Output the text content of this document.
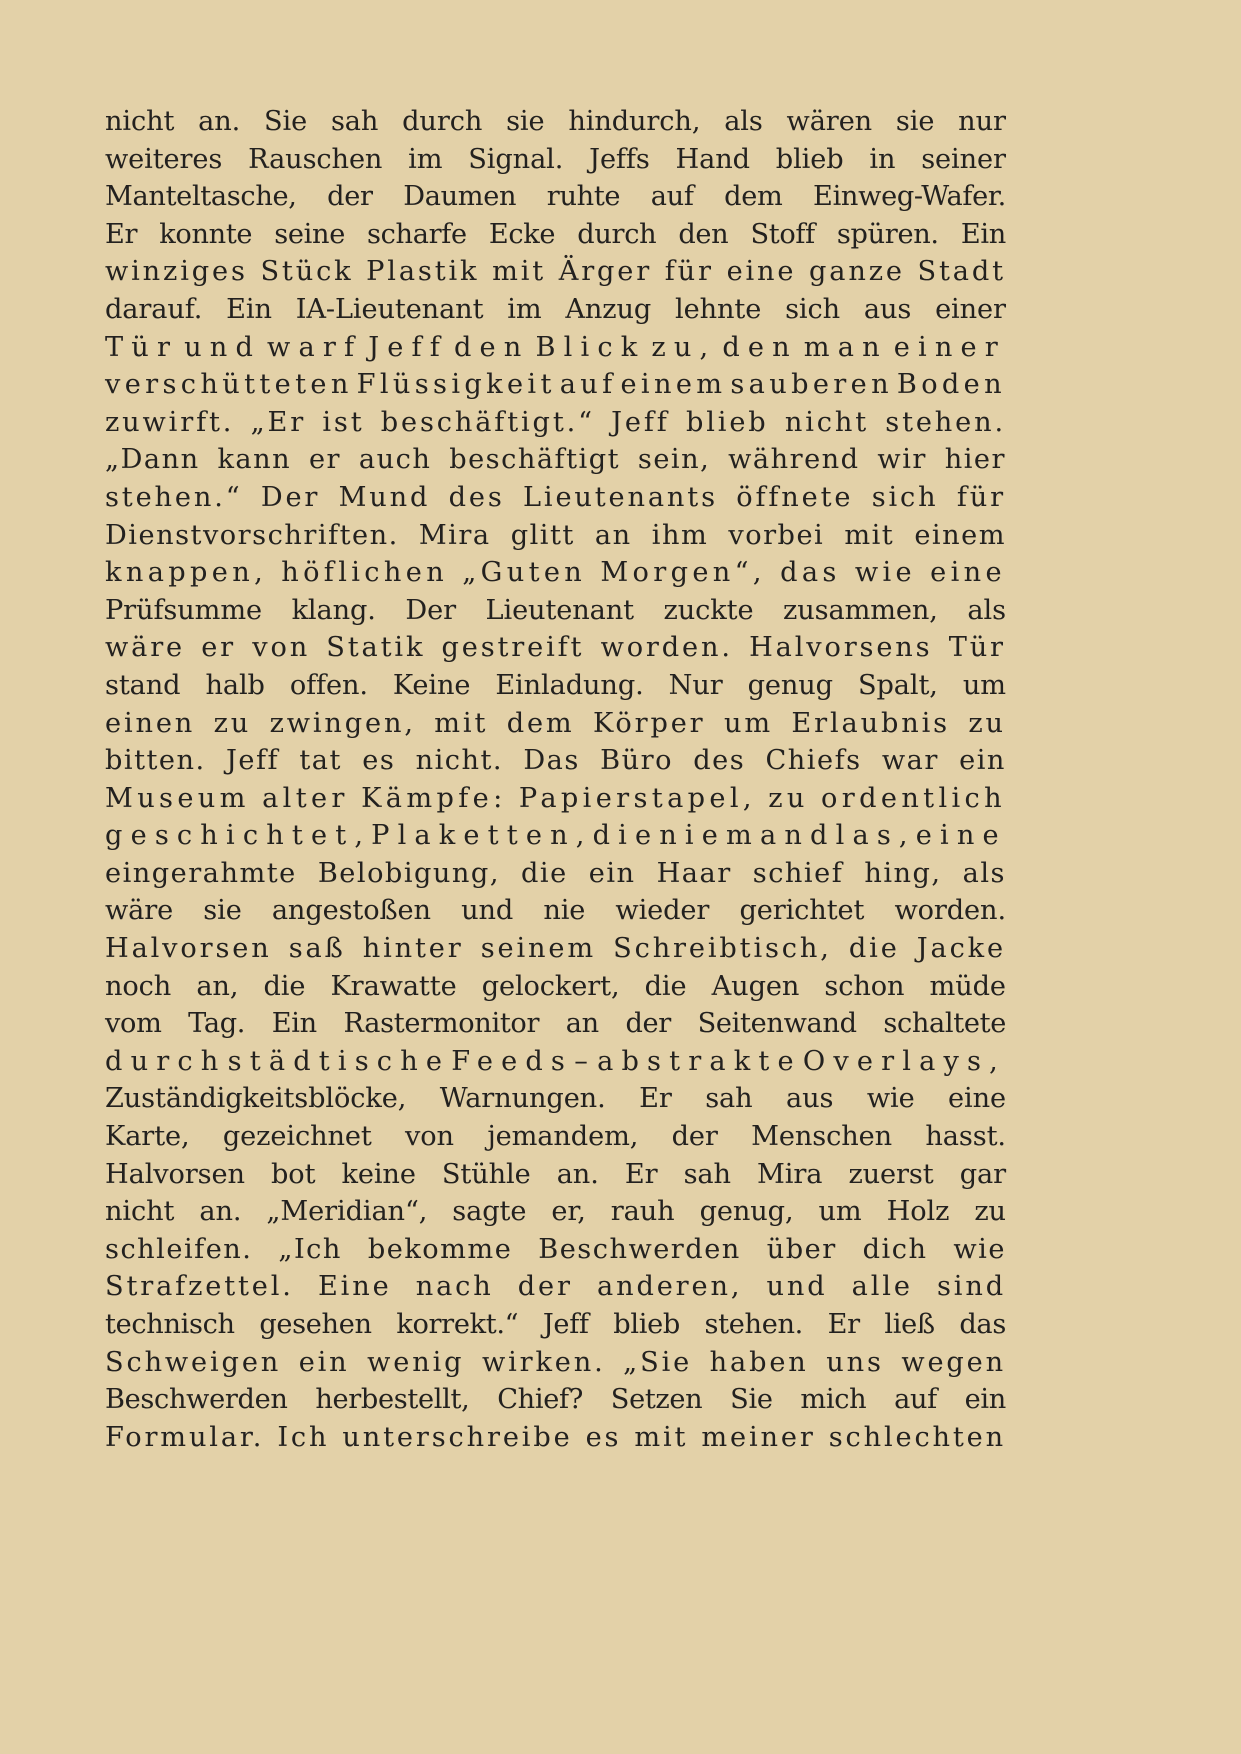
nicht an. Sie sah durch sie hindurch, als wären sie nur
weiteres Rauschen im Signal. Jeffs Hand blieb in seiner
Manteltasche, der Daumen ruhte auf dem Einweg-Wafer.
Er konnte seine scharfe Ecke durch den Stoff spüren. Ein
winziges Stück Plastik mit Ärger für eine ganze Stadt
darauf. Ein IA-Lieutenant im Anzug lehnte sich aus einer
Tür und warf Jeff den Blick zu, den man einer
verschütteten Flüssigkeit auf einem sauberen Boden
zuwirft. „Er ist beschäftigt.“ Jeff blieb nicht stehen.
„Dann kann er auch beschäftigt sein, während wir hier
stehen.“ Der Mund des Lieutenants öffnete sich für
Dienstvorschriften. Mira glitt an ihm vorbei mit einem
knappen, höflichen „Guten Morgen“, das wie eine
Prüfsumme klang. Der Lieutenant zuckte zusammen, als
wäre er von Statik gestreift worden. Halvorsens Tür
stand halb offen. Keine Einladung. Nur genug Spalt, um
einen zu zwingen, mit dem Körper um Erlaubnis zu
bitten. Jeff tat es nicht. Das Büro des Chiefs war ein
Museum alter Kämpfe: Papierstapel, zu ordentlich
geschichtet, Plaketten, die niemand las, eine
eingerahmte Belobigung, die ein Haar schief hing, als
wäre sie angestoßen und nie wieder gerichtet worden.
Halvorsen saß hinter seinem Schreibtisch, die Jacke
noch an, die Krawatte gelockert, die Augen schon müde
vom Tag. Ein Rastermonitor an der Seitenwand schaltete
durch städtische Feeds – abstrakte Overlays,
Zuständigkeitsblöcke, Warnungen. Er sah aus wie eine
Karte, gezeichnet von jemandem, der Menschen hasst.
Halvorsen bot keine Stühle an. Er sah Mira zuerst gar
nicht an. „Meridian“, sagte er, rauh genug, um Holz zu
schleifen. „Ich bekomme Beschwerden über dich wie
Strafzettel. Eine nach der anderen, und alle sind
technisch gesehen korrekt.“ Jeff blieb stehen. Er ließ das
Schweigen ein wenig wirken. „Sie haben uns wegen
Beschwerden herbestellt, Chief? Setzen Sie mich auf ein
Formular. Ich unterschreibe es mit meiner schlechten
